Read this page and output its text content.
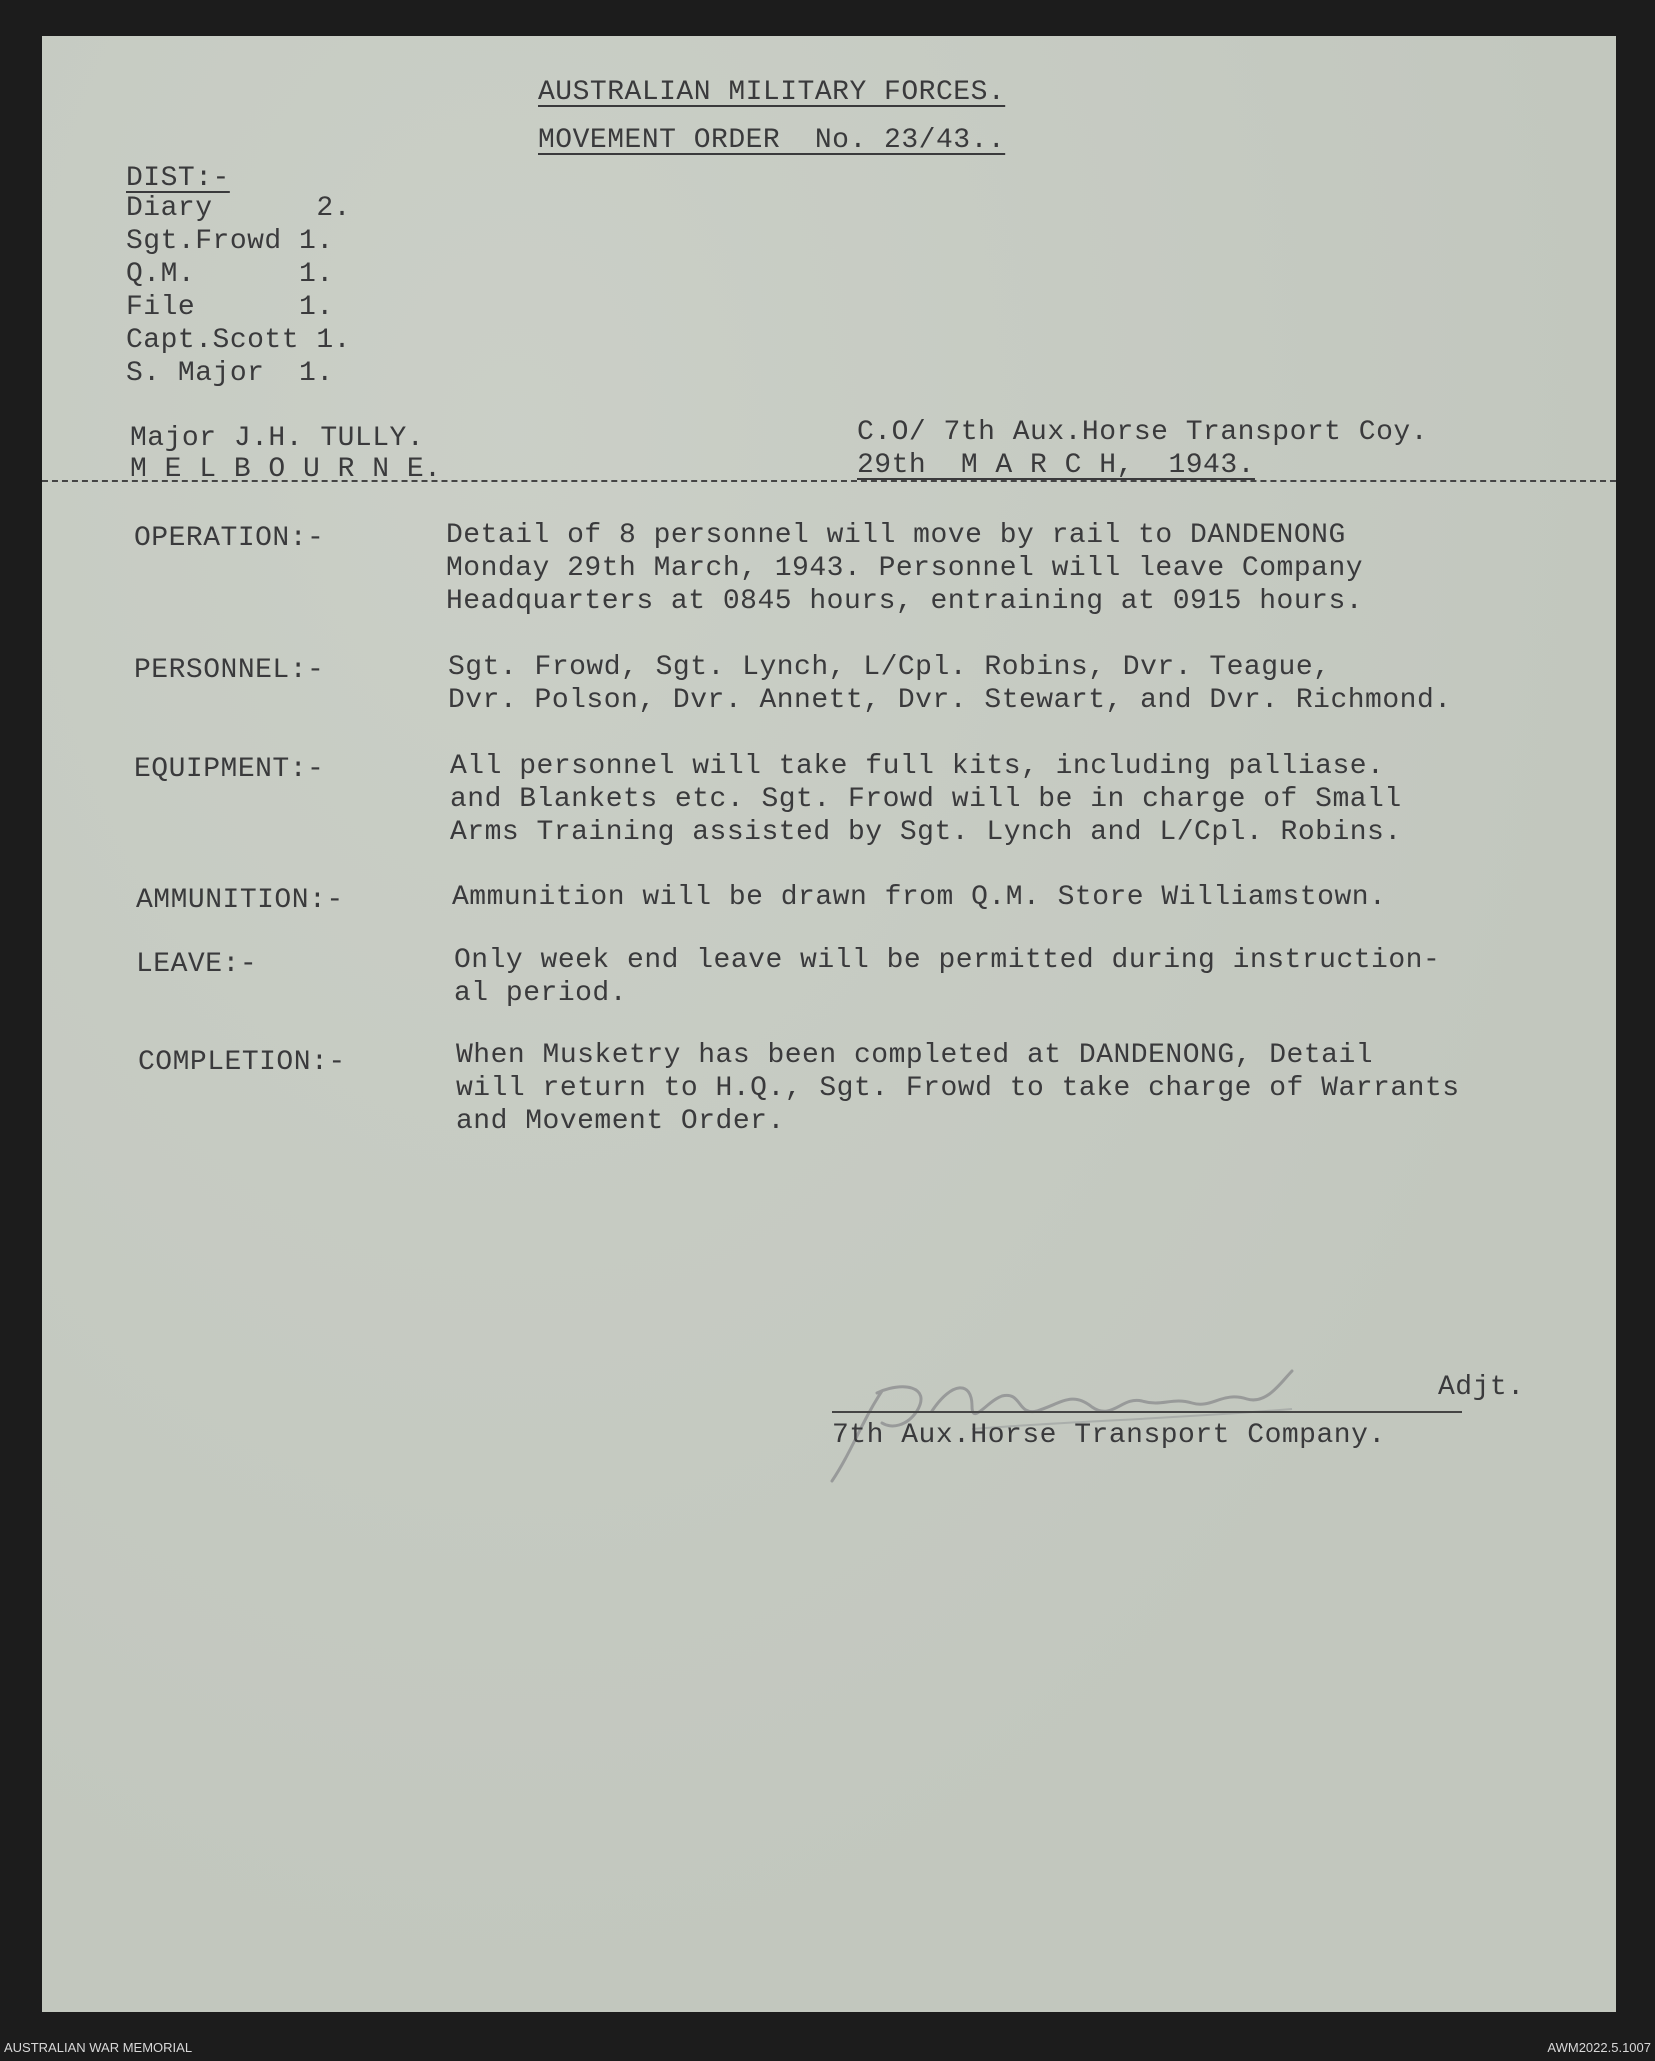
AUSTRALIAN MILITARY FORCES.
MOVEMENT ORDER  No. 23/43..
DIST:-
Diary      2.
Sgt.Frowd 1.
Q.M.      1.
File      1.
Capt.Scott 1.
S. Major  1.
Major J.H. TULLY.
M E L B O U R N E.
C.O/ 7th Aux.Horse Transport Coy.
29th  M A R C H,  1943.
OPERATION:-	Detail of 8 personnel will move by rail to DANDENONG
Monday 29th March, 1943. Personnel will leave Company
Headquarters at 0845 hours, entraining at 0915 hours.
PERSONNEL:-	Sgt. Frowd, Sgt. Lynch, L/Cpl. Robins, Dvr. Teague,
Dvr. Polson, Dvr. Annett, Dvr. Stewart, and Dvr. Richmond.
EQUIPMENT:-	All personnel will take full kits, including palliase.
and Blankets etc. Sgt. Frowd will be in charge of Small
Arms Training assisted by Sgt. Lynch and L/Cpl. Robins.
AMMUNITION:-	Ammunition will be drawn from Q.M. Store Williamstown.
LEAVE:-	Only week end leave will be permitted during instruction-
al period.
COMPLETION:-	When Musketry has been completed at DANDENONG, Detail
will return to H.Q., Sgt. Frowd to take charge of Warrants
and Movement Order.
Adjt.
7th Aux.Horse Transport Company.
AUSTRALIAN WAR MEMORIAL	AWM2022.5.1007
